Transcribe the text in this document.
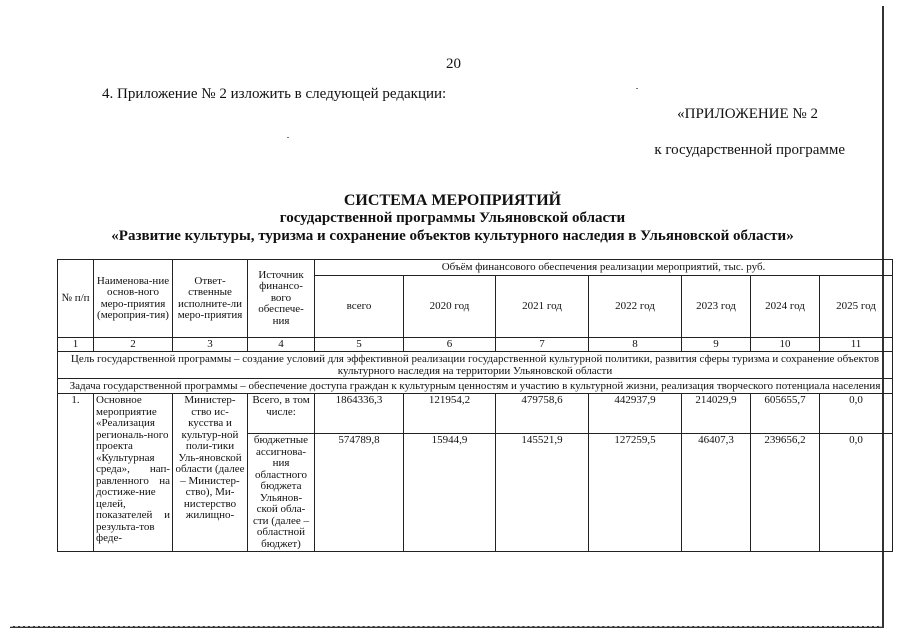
20
4. Приложение № 2 изложить в следующей редакции:
«ПРИЛОЖЕНИЕ № 2
к государственной программе
СИСТЕМА МЕРОПРИЯТИЙ
государственной программы Ульяновской области
«Развитие культуры, туризма и сохранение объектов культурного наследия в Ульяновской области»
№ п/п	Наименова-ние основ-ного меро-приятия (мероприя-тия)	Ответ-ственные исполните-ли меро-приятия	Источник финансо-вого обеспече-ния	Объём финансового обеспечения реализации мероприятий, тыс. руб.						
				всего	2020 год	2021 год	2022 год	2023 год	2024 год	2025 год
1	2	3	4	5	6	7	8	9	10	11
Цель государственной программы – создание условий для эффективной реализации государственной культурной политики, развития сферы туризма и сохранение объектов культурного наследия на территории Ульяновской области										
Задача государственной программы – обеспечение доступа граждан к культурным ценностям и участию в культурной жизни, реализация творческого потенциала населения										
1.	Основное мероприятие «Реализация региональ-ного проекта «Культурная среда», нап-равленного на достиже-ние целей, показателей и результа-тов феде-	Министер-ство ис-кусства и культур-ной поли-тики Уль-яновской области (далее – Министер-ство), Ми-нистерство жилищно-	Всего, в том числе:	1864336,3	121954,2	479758,6	442937,9	214029,9	605655,7	0,0
			бюджетные ассигнова-ния областного бюджета Ульянов-ской обла-сти (далее – областной бюджет)	574789,8	15944,9	145521,9	127259,5	46407,3	239656,2	0,0
